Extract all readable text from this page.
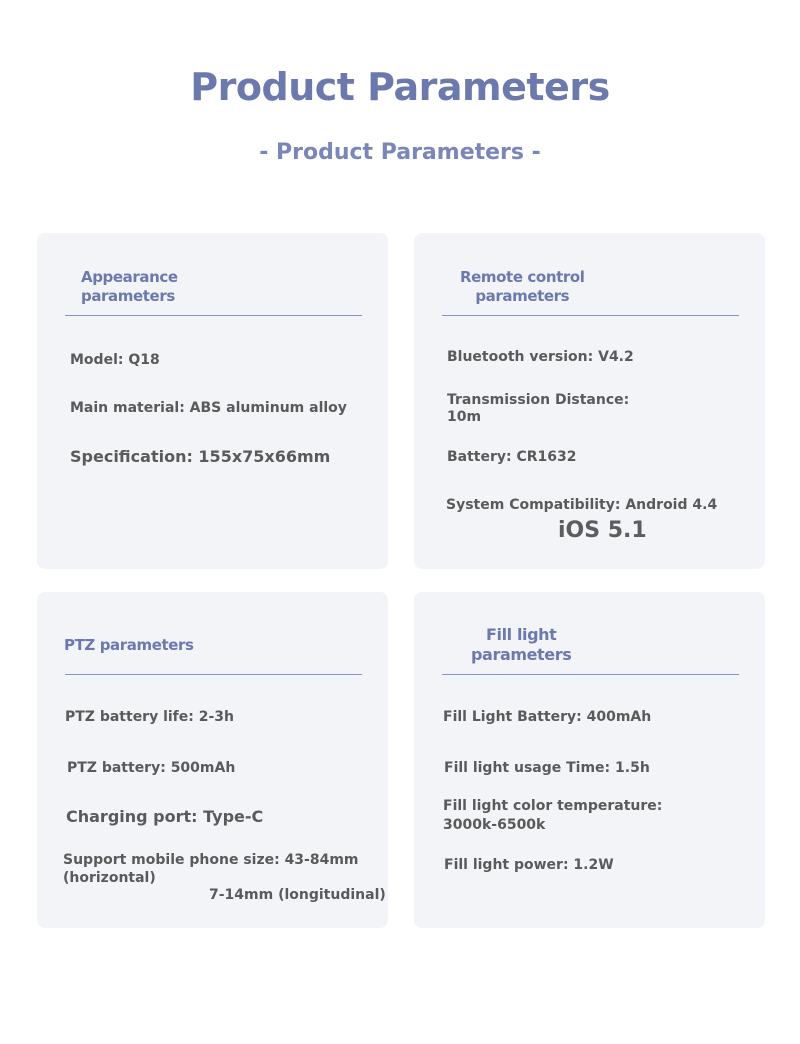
Product Parameters
- Product Parameters -
Appearance
parameters
Model: Q18
Main material: ABS aluminum alloy
Specification: 155x75x66mm
Remote control
parameters
Bluetooth version: V4.2
Transmission Distance:
10m
Battery: CR1632
System Compatibility: Android 4.4
iOS 5.1
PTZ parameters
PTZ battery life: 2-3h
PTZ battery: 500mAh
Charging port: Type-C
Support mobile phone size: 43-84mm
(horizontal)
7-14mm (longitudinal)
Fill light
parameters
Fill Light Battery: 400mAh
Fill light usage Time: 1.5h
Fill light color temperature:
3000k-6500k
Fill light power: 1.2W
